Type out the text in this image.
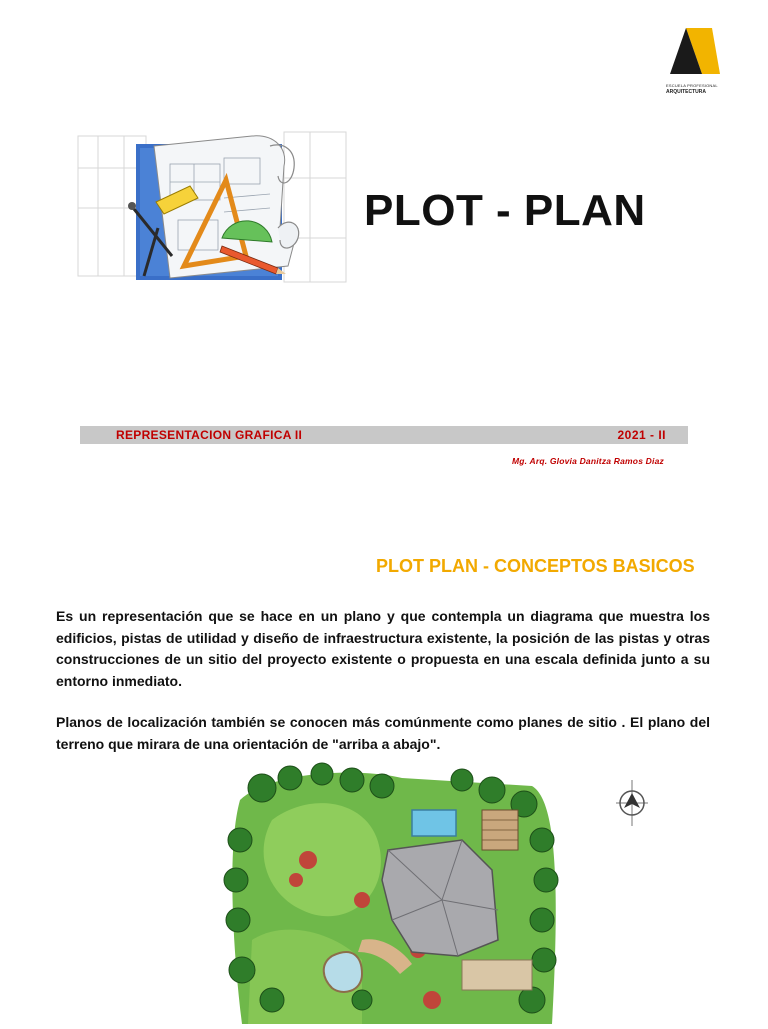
ESCUELA PROFESIONAL
ARQUITECTURA
PLOT - PLAN
REPRESENTACION GRAFICA II	2021 - II
Mg. Arq. Glovia Danitza Ramos Diaz
PLOT PLAN - CONCEPTOS BASICOS

Es un representación que se hace en un plano y que contempla un diagrama que muestra los edificios, pistas de utilidad y diseño de infraestructura existente, la posición de las pistas y otras construcciones de un sitio del proyecto existente o propuesta en una escala definida junto a su entorno inmediato.

Planos de localización también se conocen más comúnmente como planes de sitio . El plano del terreno que mirara de una orientación de "arriba a abajo".
